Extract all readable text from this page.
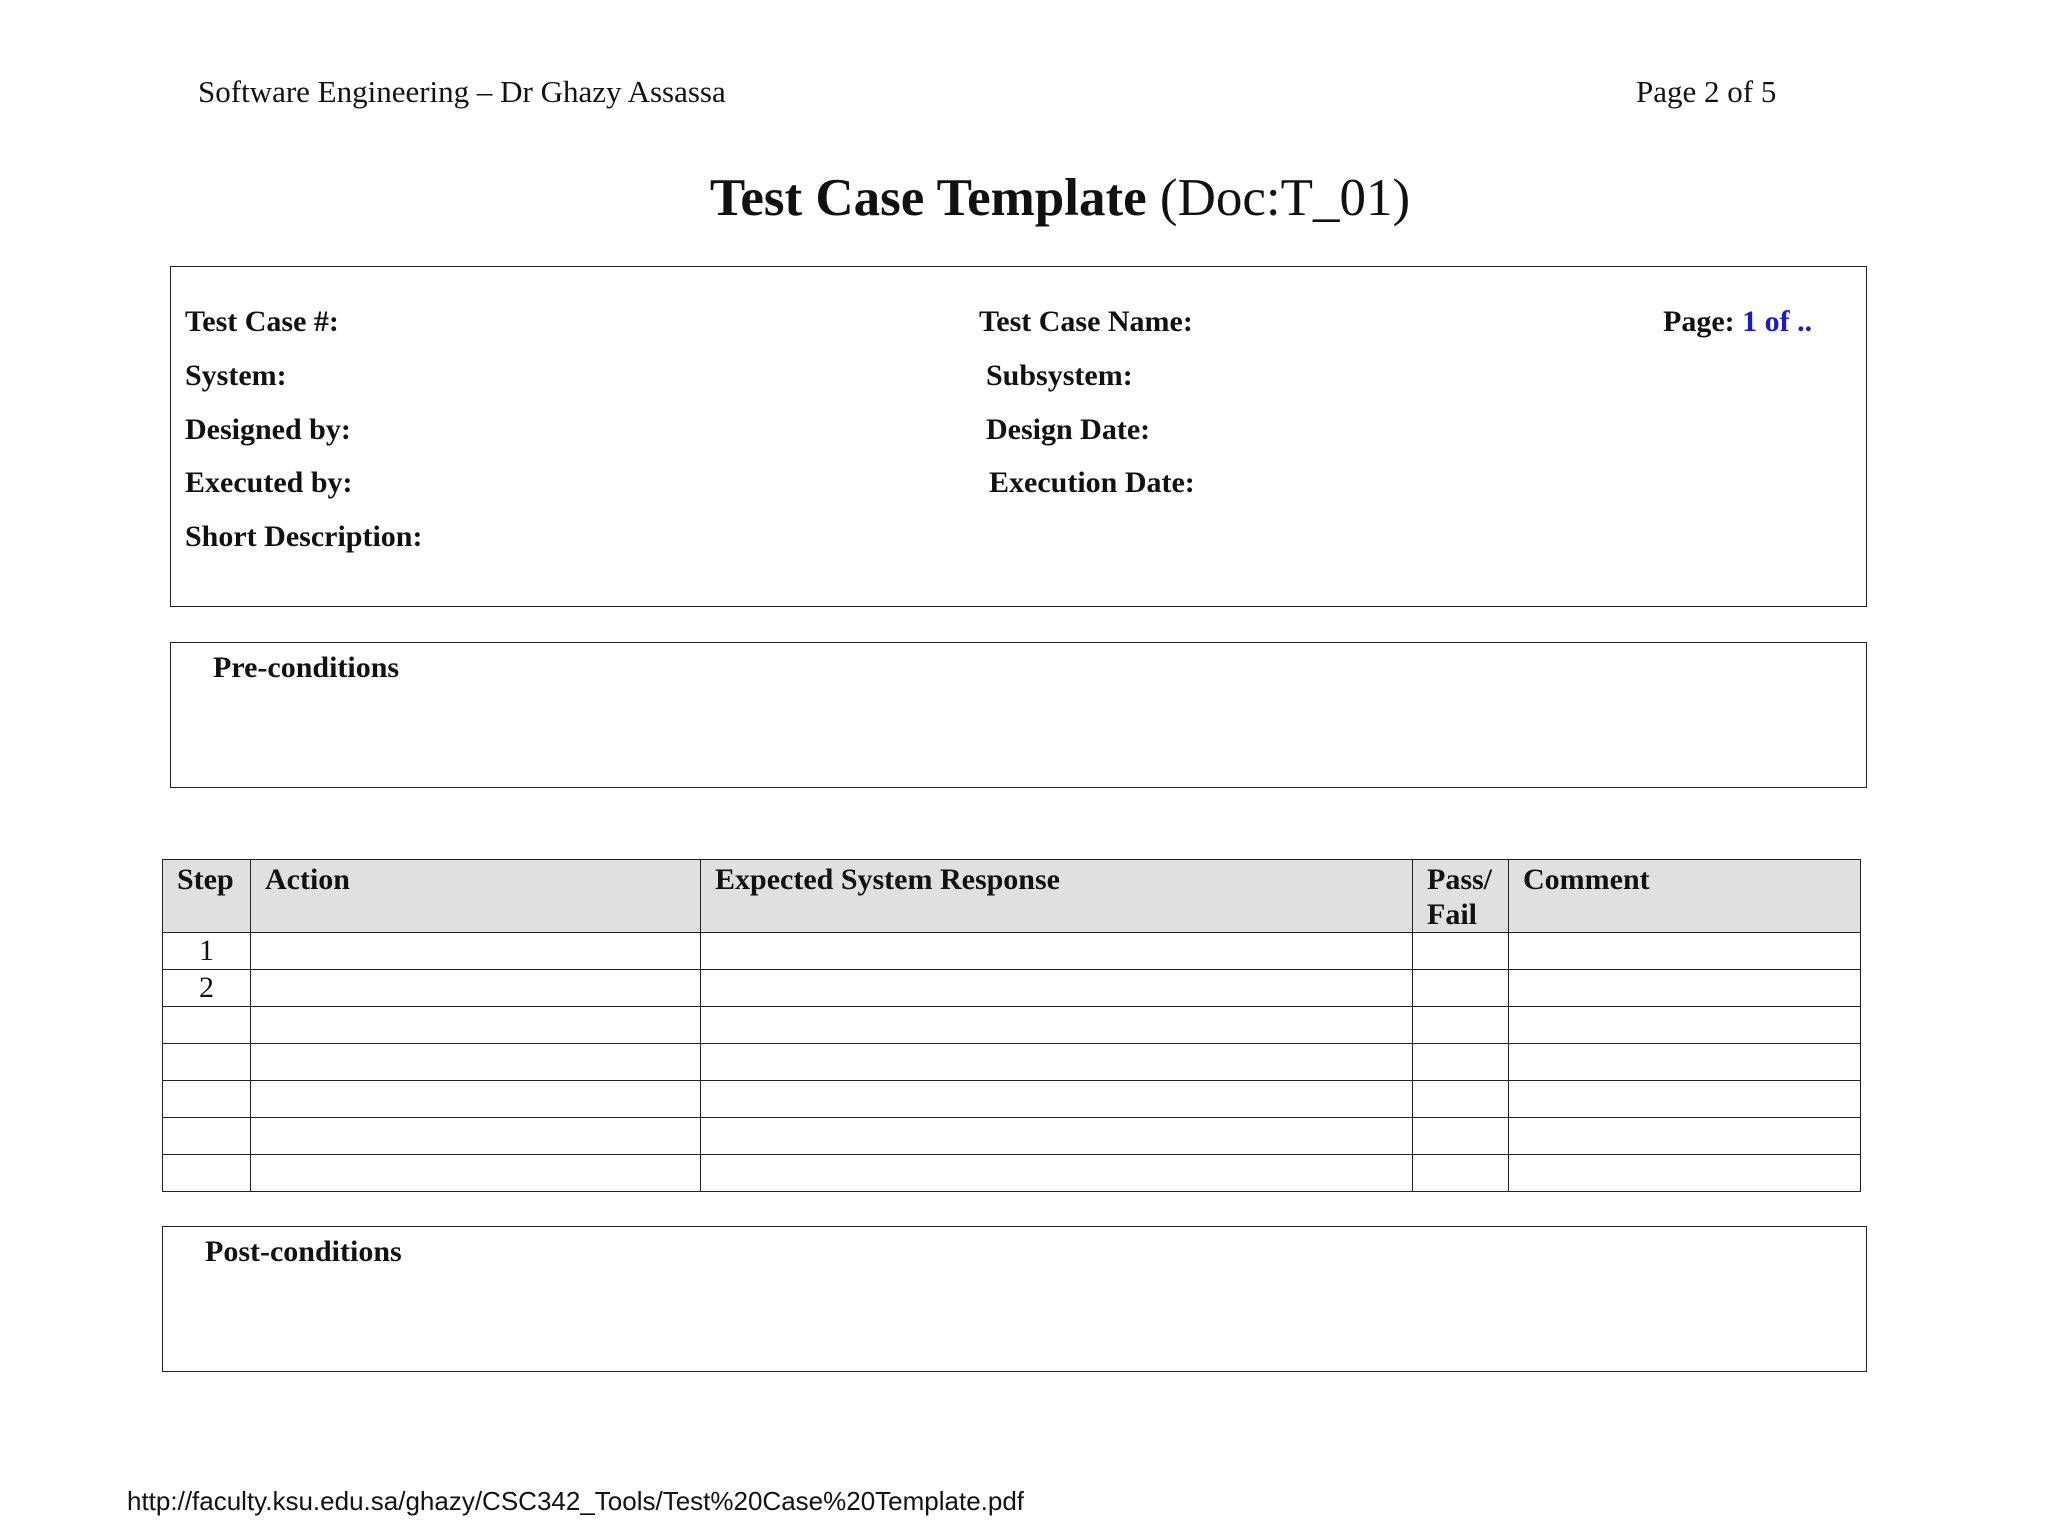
Software Engineering – Dr Ghazy Assassa	Page 2 of 5
Test Case Template (Doc:T_01)
Test Case #:	Test Case Name:	Page: 1 of ..
System:	Subsystem:
Designed by:	Design Date:
Executed by:	Execution Date:
Short Description:
Pre-conditions
Step	Action	Expected System Response	Pass/ Fail	Comment
1				
2				

Post-conditions
http://faculty.ksu.edu.sa/ghazy/CSC342_Tools/Test%20Case%20Template.pdf
